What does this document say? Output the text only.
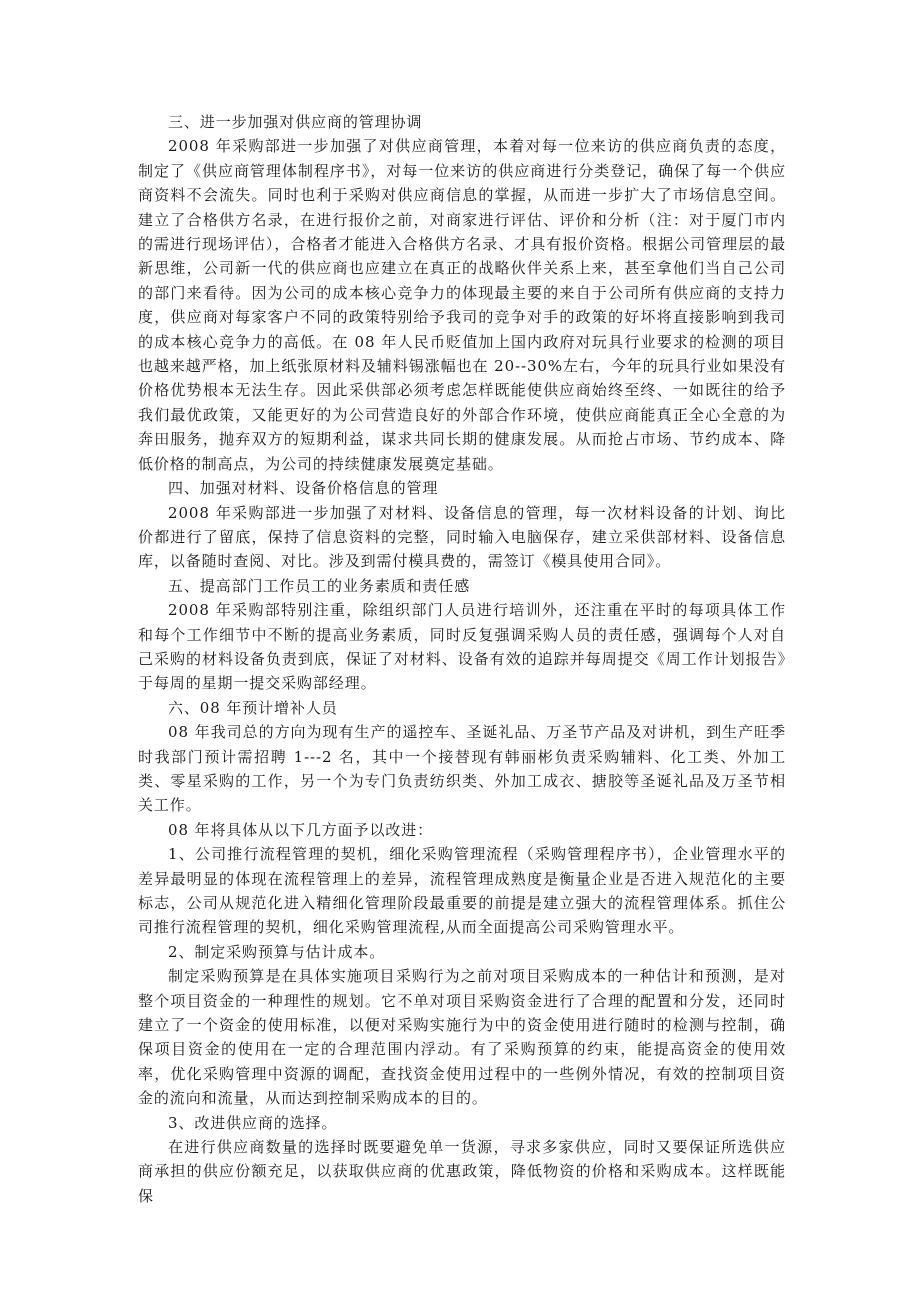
三、进一步加强对供应商的管理协调

2008 年采购部进一步加强了对供应商管理，本着对每一位来访的供应商负责的态度，制定了《供应商管理体制程序书》，对每一位来访的供应商进行分类登记，确保了每一个供应商资料不会流失。同时也利于采购对供应商信息的掌握，从而进一步扩大了市场信息空间。建立了合格供方名录，在进行报价之前，对商家进行评估、评价和分析（注：对于厦门市内的需进行现场评估），合格者才能进入合格供方名录、才具有报价资格。根据公司管理层的最新思维，公司新一代的供应商也应建立在真正的战略伙伴关系上来，甚至拿他们当自己公司的部门来看待。因为公司的成本核心竞争力的体现最主要的来自于公司所有供应商的支持力度，供应商对每家客户不同的政策特别给予我司的竞争对手的政策的好坏将直接影响到我司的成本核心竞争力的高低。在 08 年人民币贬值加上国内政府对玩具行业要求的检测的项目也越来越严格，加上纸张原材料及辅料锡涨幅也在 20--30%左右，今年的玩具行业如果没有价格优势根本无法生存。因此采供部必须考虑怎样既能使供应商始终至终、一如既往的给予我们最优政策，又能更好的为公司营造良好的外部合作环境，使供应商能真正全心全意的为奔田服务，抛弃双方的短期利益，谋求共同长期的健康发展。从而抢占市场、节约成本、降低价格的制高点，为公司的持续健康发展奠定基础。

四、加强对材料、设备价格信息的管理

2008 年采购部进一步加强了对材料、设备信息的管理，每一次材料设备的计划、询比价都进行了留底，保持了信息资料的完整，同时输入电脑保存，建立采供部材料、设备信息库，以备随时查阅、对比。涉及到需付模具费的，需签订《模具使用合同》。

五、提高部门工作员工的业务素质和责任感

2008 年采购部特别注重，除组织部门人员进行培训外，还注重在平时的每项具体工作和每个工作细节中不断的提高业务素质，同时反复强调采购人员的责任感，强调每个人对自己采购的材料设备负责到底，保证了对材料、设备有效的追踪并每周提交《周工作计划报告》于每周的星期一提交采购部经理。

六、08 年预计增补人员

08 年我司总的方向为现有生产的遥控车、圣诞礼品、万圣节产品及对讲机，到生产旺季时我部门预计需招聘 1---2 名，其中一个接替现有韩丽彬负责采购辅料、化工类、外加工类、零星采购的工作，另一个为专门负责纺织类、外加工成衣、搪胶等圣诞礼品及万圣节相关工作。

08 年将具体从以下几方面予以改进：

1、公司推行流程管理的契机，细化采购管理流程（采购管理程序书），企业管理水平的差异最明显的体现在流程管理上的差异，流程管理成熟度是衡量企业是否进入规范化的主要标志，公司从规范化进入精细化管理阶段最重要的前提是建立强大的流程管理体系。抓住公司推行流程管理的契机，细化采购管理流程,从而全面提高公司采购管理水平。

2、制定采购预算与估计成本。

制定采购预算是在具体实施项目采购行为之前对项目采购成本的一种估计和预测，是对整个项目资金的一种理性的规划。它不单对项目采购资金进行了合理的配置和分发，还同时建立了一个资金的使用标准，以便对采购实施行为中的资金使用进行随时的检测与控制，确保项目资金的使用在一定的合理范围内浮动。有了采购预算的约束，能提高资金的使用效率，优化采购管理中资源的调配，查找资金使用过程中的一些例外情况，有效的控制项目资金的流向和流量，从而达到控制采购成本的目的。

3、改进供应商的选择。

在进行供应商数量的选择时既要避免单一货源，寻求多家供应，同时又要保证所选供应商承担的供应份额充足，以获取供应商的优惠政策，降低物资的价格和采购成本。这样既能保
